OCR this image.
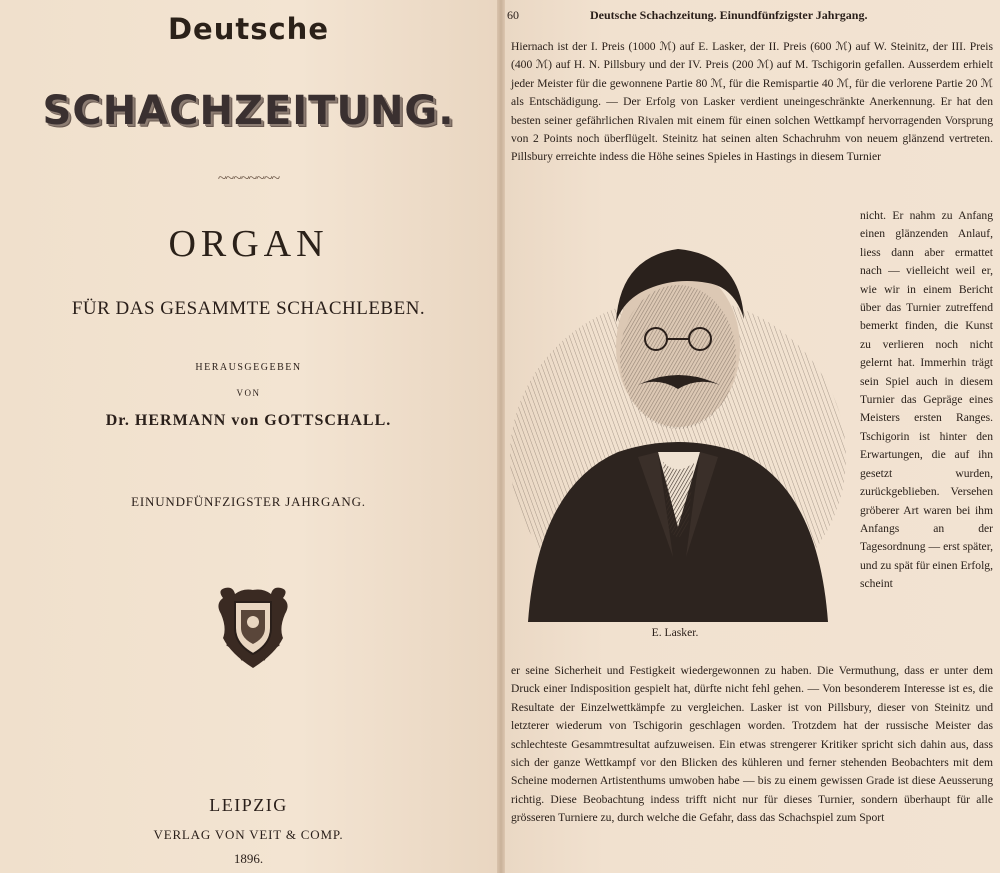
Deutsche
SCHACHZEITUNG.
~~~~~~~~
ORGAN
FÜR DAS GESAMMTE SCHACHLEBEN.
HERAUSGEGEBEN
VON
Dr. HERMANN von GOTTSCHALL.
EINUNDFÜNFZIGSTER JAHRGANG.
LEIPZIG
VERLAG VON VEIT & COMP.
1896.
60	Deutsche Schachzeitung. Einundfünfzigster Jahrgang.

Hiernach ist der I. Preis (1000 ℳ) auf E. Lasker, der II. Preis (600 ℳ) auf W. Steinitz, der III. Preis (400 ℳ) auf H. N. Pillsbury und der IV. Preis (200 ℳ) auf M. Tschigorin gefallen. Ausserdem erhielt jeder Meister für die gewonnene Partie 80 ℳ, für die Remispartie 40 ℳ, für die verlorene Partie 20 ℳ als Entschädigung. — Der Erfolg von Lasker verdient uneingeschränkte Anerkennung. Er hat den besten seiner gefährlichen Rivalen mit einem für einen solchen Wettkampf hervorragenden Vorsprung von 2 Points noch überflügelt. Steinitz hat seinen alten Schachruhm von neuem glänzend vertreten. Pillsbury erreichte indess die Höhe seines Spieles in Hastings in diesem Turnier

E. Lasker.

nicht. Er nahm zu Anfang einen glänzenden Anlauf, liess dann aber ermattet nach — vielleicht weil er, wie wir in einem Bericht über das Turnier zutreffend bemerkt finden, die Kunst zu verlieren noch nicht gelernt hat. Immerhin trägt sein Spiel auch in diesem Turnier das Gepräge eines Meisters ersten Ranges. Tschigorin ist hinter den Erwartungen, die auf ihn gesetzt wurden, zurückgeblieben. Versehen gröberer Art waren bei ihm Anfangs an der Tagesordnung — erst später, und zu spät für einen Erfolg, scheint

er seine Sicherheit und Festigkeit wiedergewonnen zu haben. Die Vermuthung, dass er unter dem Druck einer Indisposition gespielt hat, dürfte nicht fehl gehen. — Von besonderem Interesse ist es, die Resultate der Einzelwettkämpfe zu vergleichen. Lasker ist von Pillsbury, dieser von Steinitz und letzterer wiederum von Tschigorin geschlagen worden. Trotzdem hat der russische Meister das schlechteste Gesammtresultat aufzuweisen. Ein etwas strengerer Kritiker spricht sich dahin aus, dass sich der ganze Wettkampf vor den Blicken des kühleren und ferner stehenden Beobachters mit dem Scheine modernen Artistenthums umwoben habe — bis zu einem gewissen Grade ist diese Aeusserung richtig. Diese Beobachtung indess trifft nicht nur für dieses Turnier, sondern überhaupt für alle grösseren Turniere zu, durch welche die Gefahr, dass das Schachspiel zum Sport
